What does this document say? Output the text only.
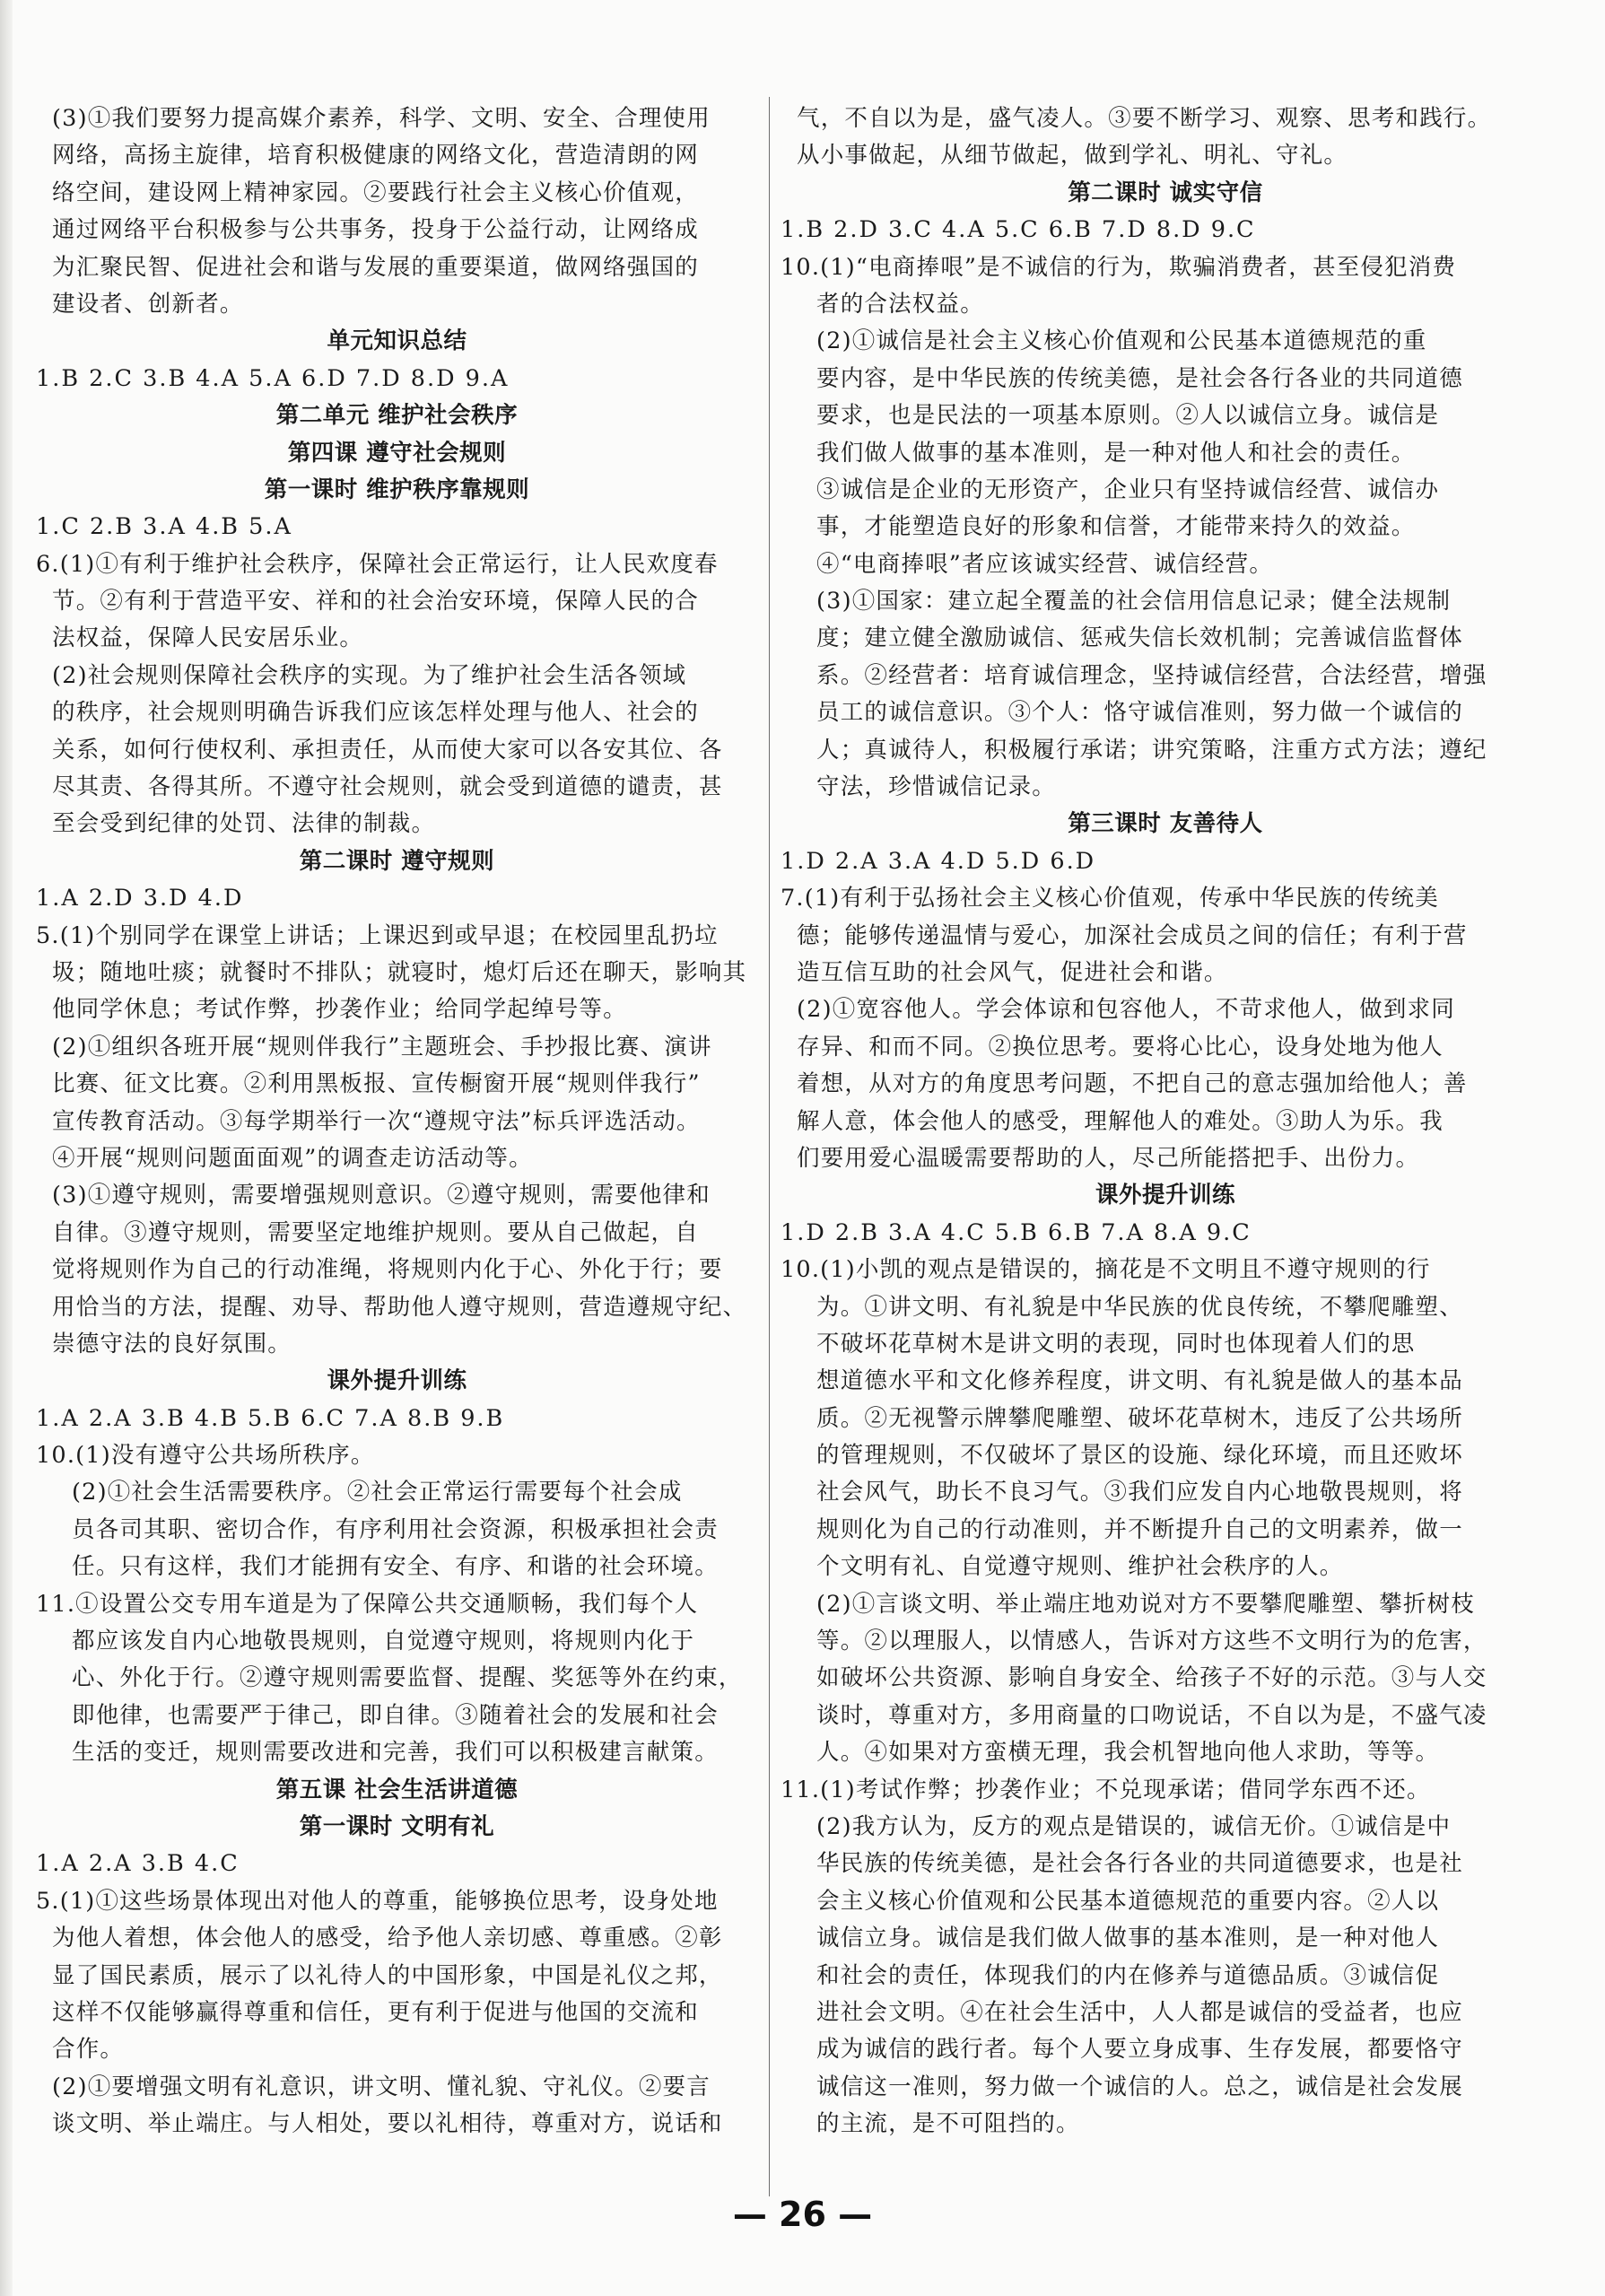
(3)①我们要努力提高媒介素养，科学、文明、安全、合理使用
网络，高扬主旋律，培育积极健康的网络文化，营造清朗的网
络空间，建设网上精神家园。②要践行社会主义核心价值观，
通过网络平台积极参与公共事务，投身于公益行动，让网络成
为汇聚民智、促进社会和谐与发展的重要渠道，做网络强国的
建设者、创新者。
单元知识总结
1.B 2.C 3.B 4.A 5.A 6.D 7.D 8.D 9.A
第二单元 维护社会秩序
第四课 遵守社会规则
第一课时 维护秩序靠规则
1.C 2.B 3.A 4.B 5.A
6.(1)①有利于维护社会秩序，保障社会正常运行，让人民欢度春
节。②有利于营造平安、祥和的社会治安环境，保障人民的合
法权益，保障人民安居乐业。
(2)社会规则保障社会秩序的实现。为了维护社会生活各领域
的秩序，社会规则明确告诉我们应该怎样处理与他人、社会的
关系，如何行使权利、承担责任，从而使大家可以各安其位、各
尽其责、各得其所。不遵守社会规则，就会受到道德的谴责，甚
至会受到纪律的处罚、法律的制裁。
第二课时 遵守规则
1.A 2.D 3.D 4.D
5.(1)个别同学在课堂上讲话；上课迟到或早退；在校园里乱扔垃
圾；随地吐痰；就餐时不排队；就寝时，熄灯后还在聊天，影响其
他同学休息；考试作弊，抄袭作业；给同学起绰号等。
(2)①组织各班开展“规则伴我行”主题班会、手抄报比赛、演讲
比赛、征文比赛。②利用黑板报、宣传橱窗开展“规则伴我行”
宣传教育活动。③每学期举行一次“遵规守法”标兵评选活动。
④开展“规则问题面面观”的调查走访活动等。
(3)①遵守规则，需要增强规则意识。②遵守规则，需要他律和
自律。③遵守规则，需要坚定地维护规则。要从自己做起，自
觉将规则作为自己的行动准绳，将规则内化于心、外化于行；要
用恰当的方法，提醒、劝导、帮助他人遵守规则，营造遵规守纪、
崇德守法的良好氛围。
课外提升训练
1.A 2.A 3.B 4.B 5.B 6.C 7.A 8.B 9.B
10.(1)没有遵守公共场所秩序。
(2)①社会生活需要秩序。②社会正常运行需要每个社会成
员各司其职、密切合作，有序利用社会资源，积极承担社会责
任。只有这样，我们才能拥有安全、有序、和谐的社会环境。
11.①设置公交专用车道是为了保障公共交通顺畅，我们每个人
都应该发自内心地敬畏规则，自觉遵守规则，将规则内化于
心、外化于行。②遵守规则需要监督、提醒、奖惩等外在约束，
即他律，也需要严于律己，即自律。③随着社会的发展和社会
生活的变迁，规则需要改进和完善，我们可以积极建言献策。
第五课 社会生活讲道德
第一课时 文明有礼
1.A 2.A 3.B 4.C
5.(1)①这些场景体现出对他人的尊重，能够换位思考，设身处地
为他人着想，体会他人的感受，给予他人亲切感、尊重感。②彰
显了国民素质，展示了以礼待人的中国形象，中国是礼仪之邦，
这样不仅能够赢得尊重和信任，更有利于促进与他国的交流和
合作。
(2)①要增强文明有礼意识，讲文明、懂礼貌、守礼仪。②要言
谈文明、举止端庄。与人相处，要以礼相待，尊重对方，说话和
气，不自以为是，盛气凌人。③要不断学习、观察、思考和践行。
从小事做起，从细节做起，做到学礼、明礼、守礼。
第二课时 诚实守信
1.B 2.D 3.C 4.A 5.C 6.B 7.D 8.D 9.C
10.(1)“电商捧哏”是不诚信的行为，欺骗消费者，甚至侵犯消费
者的合法权益。
(2)①诚信是社会主义核心价值观和公民基本道德规范的重
要内容，是中华民族的传统美德，是社会各行各业的共同道德
要求，也是民法的一项基本原则。②人以诚信立身。诚信是
我们做人做事的基本准则，是一种对他人和社会的责任。
③诚信是企业的无形资产，企业只有坚持诚信经营、诚信办
事，才能塑造良好的形象和信誉，才能带来持久的效益。
④“电商捧哏”者应该诚实经营、诚信经营。
(3)①国家：建立起全覆盖的社会信用信息记录；健全法规制
度；建立健全激励诚信、惩戒失信长效机制；完善诚信监督体
系。②经营者：培育诚信理念，坚持诚信经营，合法经营，增强
员工的诚信意识。③个人：恪守诚信准则，努力做一个诚信的
人；真诚待人，积极履行承诺；讲究策略，注重方式方法；遵纪
守法，珍惜诚信记录。
第三课时 友善待人
1.D 2.A 3.A 4.D 5.D 6.D
7.(1)有利于弘扬社会主义核心价值观，传承中华民族的传统美
德；能够传递温情与爱心，加深社会成员之间的信任；有利于营
造互信互助的社会风气，促进社会和谐。
(2)①宽容他人。学会体谅和包容他人，不苛求他人，做到求同
存异、和而不同。②换位思考。要将心比心，设身处地为他人
着想，从对方的角度思考问题，不把自己的意志强加给他人；善
解人意，体会他人的感受，理解他人的难处。③助人为乐。我
们要用爱心温暖需要帮助的人，尽己所能搭把手、出份力。
课外提升训练
1.D 2.B 3.A 4.C 5.B 6.B 7.A 8.A 9.C
10.(1)小凯的观点是错误的，摘花是不文明且不遵守规则的行
为。①讲文明、有礼貌是中华民族的优良传统，不攀爬雕塑、
不破坏花草树木是讲文明的表现，同时也体现着人们的思
想道德水平和文化修养程度，讲文明、有礼貌是做人的基本品
质。②无视警示牌攀爬雕塑、破坏花草树木，违反了公共场所
的管理规则，不仅破坏了景区的设施、绿化环境，而且还败坏
社会风气，助长不良习气。③我们应发自内心地敬畏规则，将
规则化为自己的行动准则，并不断提升自己的文明素养，做一
个文明有礼、自觉遵守规则、维护社会秩序的人。
(2)①言谈文明、举止端庄地劝说对方不要攀爬雕塑、攀折树枝
等。②以理服人，以情感人，告诉对方这些不文明行为的危害，
如破坏公共资源、影响自身安全、给孩子不好的示范。③与人交
谈时，尊重对方，多用商量的口吻说话，不自以为是，不盛气凌
人。④如果对方蛮横无理，我会机智地向他人求助，等等。
11.(1)考试作弊；抄袭作业；不兑现承诺；借同学东西不还。
(2)我方认为，反方的观点是错误的，诚信无价。①诚信是中
华民族的传统美德，是社会各行各业的共同道德要求，也是社
会主义核心价值观和公民基本道德规范的重要内容。②人以
诚信立身。诚信是我们做人做事的基本准则，是一种对他人
和社会的责任，体现我们的内在修养与道德品质。③诚信促
进社会文明。④在社会生活中，人人都是诚信的受益者，也应
成为诚信的践行者。每个人要立身成事、生存发展，都要恪守
诚信这一准则，努力做一个诚信的人。总之，诚信是社会发展
的主流，是不可阻挡的。
— 26 —
